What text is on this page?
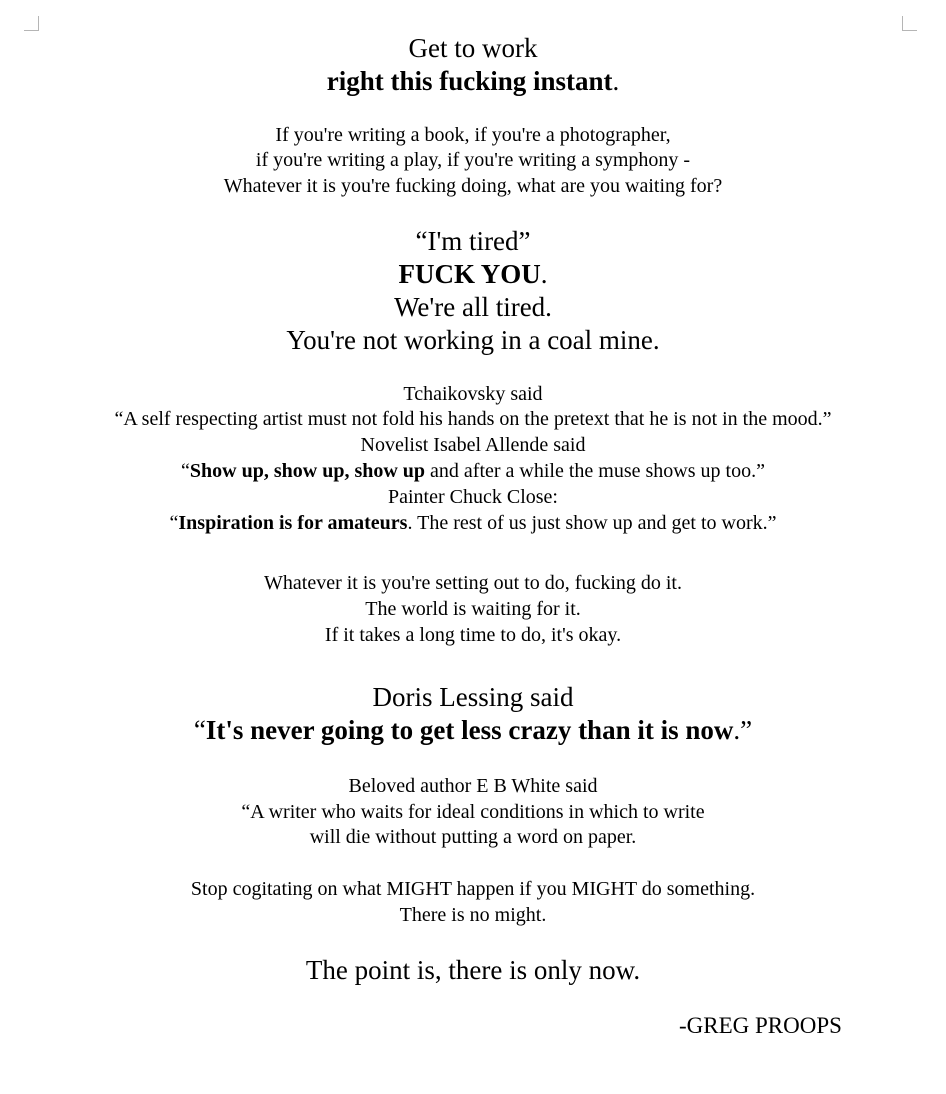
Get to work
right this fucking instant.
If you're writing a book, if you're a photographer,
if you're writing a play, if you're writing a symphony -
Whatever it is you're fucking doing, what are you waiting for?
“I'm tired”
FUCK YOU.
We're all tired.
You're not working in a coal mine.
Tchaikovsky said
“A self respecting artist must not fold his hands on the pretext that he is not in the mood.”
Novelist Isabel Allende said
“Show up, show up, show up and after a while the muse shows up too.”
Painter Chuck Close:
“Inspiration is for amateurs. The rest of us just show up and get to work.”
Whatever it is you're setting out to do, fucking do it.
The world is waiting for it.
If it takes a long time to do, it's okay.
Doris Lessing said
“It's never going to get less crazy than it is now.”
Beloved author E B White said
“A writer who waits for ideal conditions in which to write
will die without putting a word on paper.
Stop cogitating on what MIGHT happen if you MIGHT do something.
There is no might.
The point is, there is only now.
-GREG PROOPS
